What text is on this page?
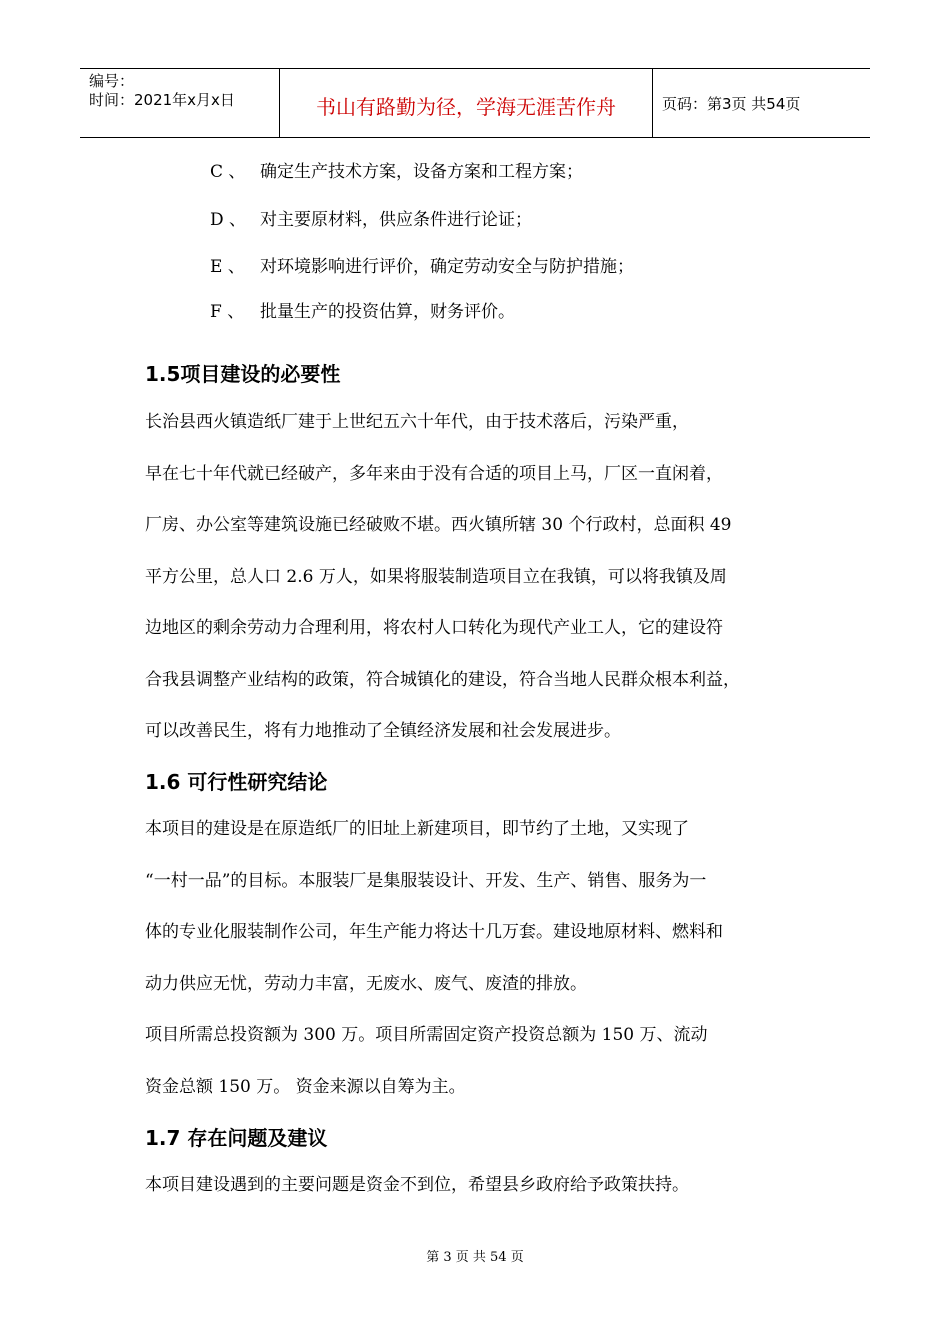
编号：
时间：2021年x月x日	书山有路勤为径，学海无涯苦作舟	页码：第3页 共54页
C 、 确定生产技术方案，设备方案和工程方案；
D 、 对主要原材料，供应条件进行论证；
E 、 对环境影响进行评价，确定劳动安全与防护措施；
F 、 批量生产的投资估算，财务评价。
1.5项目建设的必要性
长治县西火镇造纸厂建于上世纪五六十年代，由于技术落后，污染严重，
早在七十年代就已经破产，多年来由于没有合适的项目上马，厂区一直闲着，
厂房、办公室等建筑设施已经破败不堪。西火镇所辖 30 个行政村，总面积 49
平方公里，总人口 2.6 万人，如果将服装制造项目立在我镇，可以将我镇及周
边地区的剩余劳动力合理利用，将农村人口转化为现代产业工人，它的建设符
合我县调整产业结构的政策，符合城镇化的建设，符合当地人民群众根本利益，
可以改善民生，将有力地推动了全镇经济发展和社会发展进步。
1.6 可行性研究结论
本项目的建设是在原造纸厂的旧址上新建项目，即节约了土地，又实现了
“一村一品”的目标。本服装厂是集服装设计、开发、生产、销售、服务为一
体的专业化服装制作公司，年生产能力将达十几万套。建设地原材料、燃料和
动力供应无忧，劳动力丰富，无废水、废气、废渣的排放。
项目所需总投资额为 300 万。项目所需固定资产投资总额为 150 万、流动
资金总额 150 万。 资金来源以自筹为主。
1.7 存在问题及建议
本项目建设遇到的主要问题是资金不到位，希望县乡政府给予政策扶持。
第 3 页 共 54 页
